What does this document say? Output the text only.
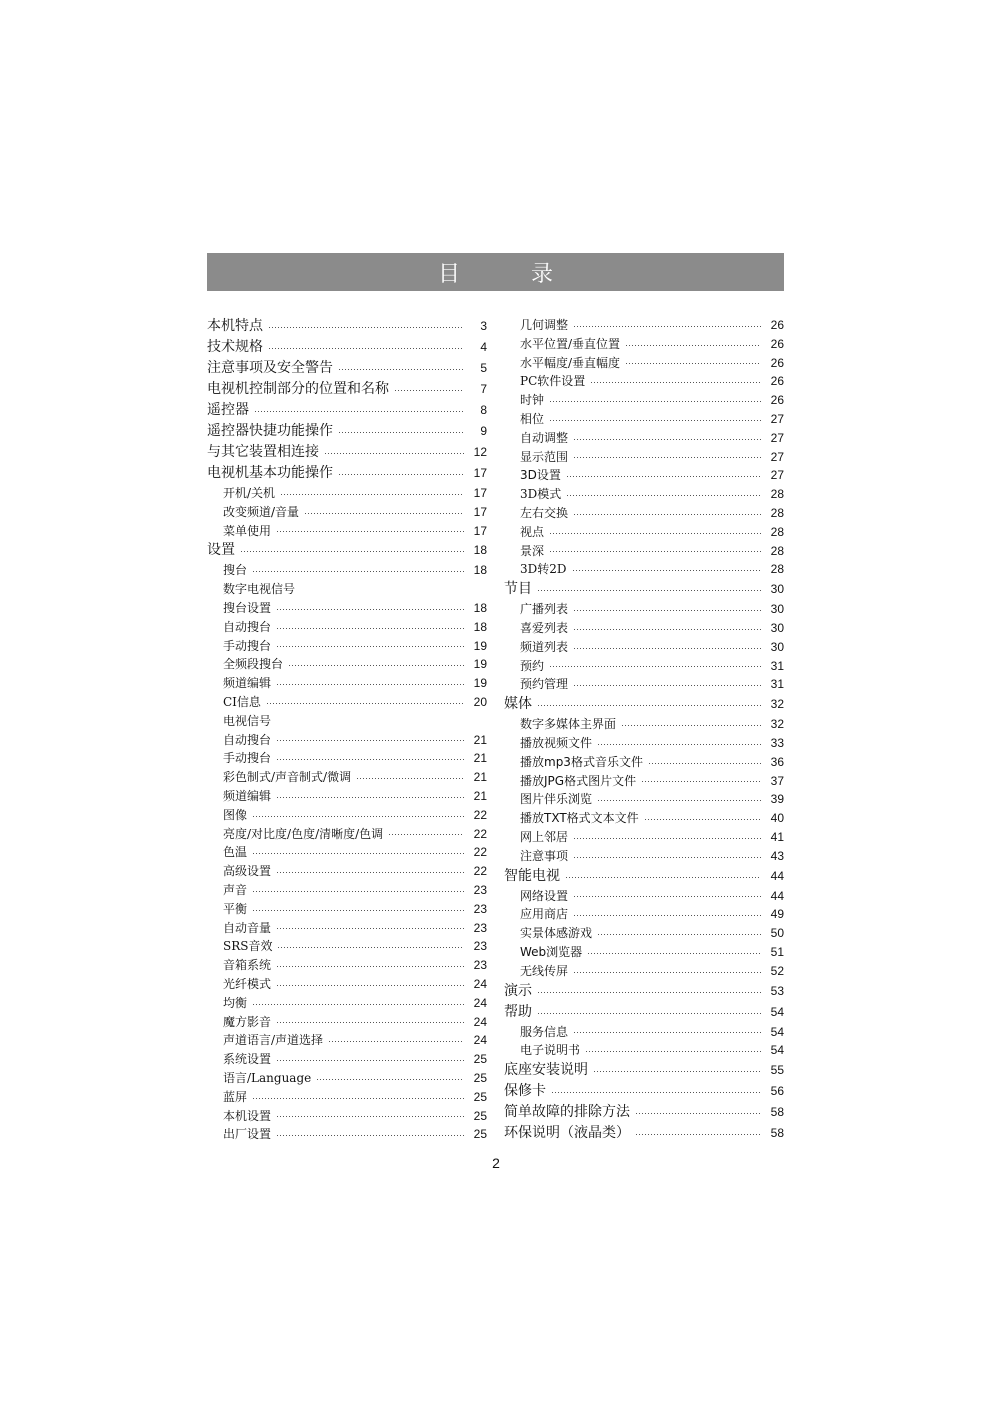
目 录
本机特点	3
技术规格	4
注意事项及安全警告	5
电视机控制部分的位置和名称	7
遥控器	8
遥控器快捷功能操作	9
与其它装置相连接	12
电视机基本功能操作	17
开机/关机	17
改变频道/音量	17
菜单使用	17
设置	18
搜台	18
数字电视信号
搜台设置	18
自动搜台	18
手动搜台	19
全频段搜台	19
频道编辑	19
CI信息	20
电视信号
自动搜台	21
手动搜台	21
彩色制式/声音制式/微调	21
频道编辑	21
图像	22
亮度/对比度/色度/清晰度/色调	22
色温	22
高级设置	22
声音	23
平衡	23
自动音量	23
SRS音效	23
音箱系统	23
光纤模式	24
均衡	24
魔方影音	24
声道语言/声道选择	24
系统设置	25
语言/Language	25
蓝屏	25
本机设置	25
出厂设置	25
几何调整	26
水平位置/垂直位置	26
水平幅度/垂直幅度	26
PC软件设置	26
时钟	26
相位	27
自动调整	27
显示范围	27
3D设置	27
3D模式	28
左右交换	28
视点	28
景深	28
3D转2D	28
节目	30
广播列表	30
喜爱列表	30
频道列表	30
预约	31
预约管理	31
媒体	32
数字多媒体主界面	32
播放视频文件	33
播放mp3格式音乐文件	36
播放JPG格式图片文件	37
图片伴乐浏览	39
播放TXT格式文本文件	40
网上邻居	41
注意事项	43
智能电视	44
网络设置	44
应用商店	49
实景体感游戏	50
Web浏览器	51
无线传屏	52
演示	53
帮助	54
服务信息	54
电子说明书	54
底座安装说明	55
保修卡	56
简单故障的排除方法	58
环保说明（液晶类）	58
2
